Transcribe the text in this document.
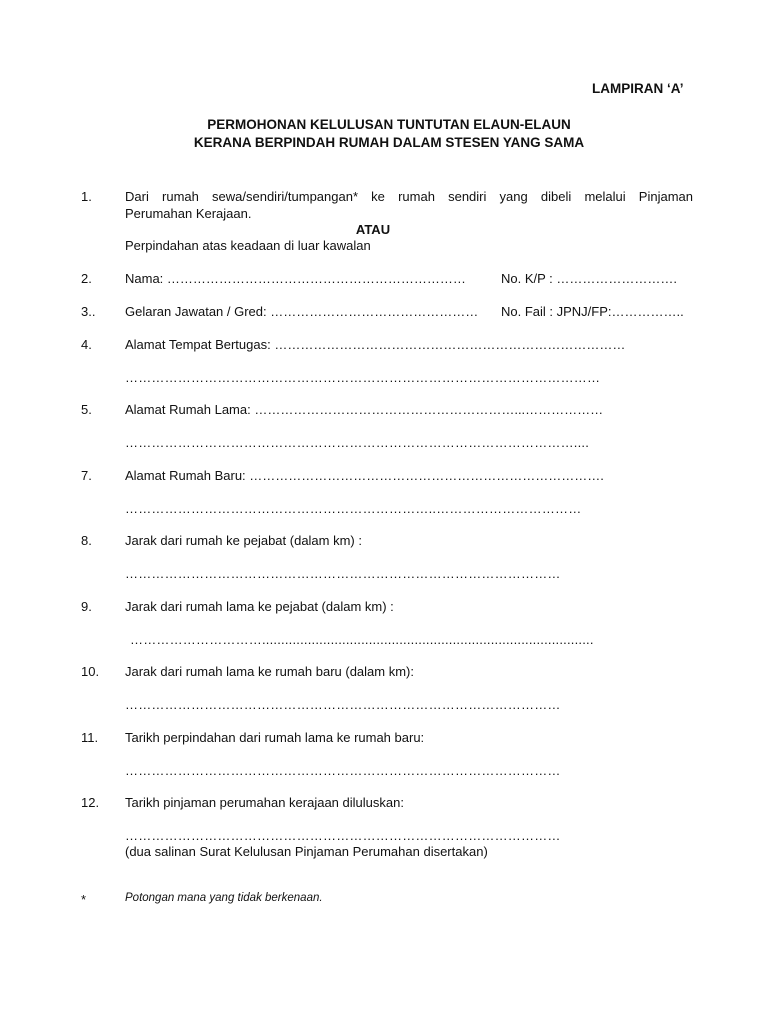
LAMPIRAN ‘A’
PERMOHONAN KELULUSAN TUNTUTAN ELAUN-ELAUN
KERANA BERPINDAH RUMAH DALAM STESEN YANG SAMA
1.	Dari rumah sewa/sendiri/tumpangan* ke rumah sendiri yang dibeli melalui Pinjaman
Perumahan Kerajaan.
ATAU
Perpindahan atas keadaan di luar kawalan
2.	Nama: ……………………………………………………………	No. K/P : ……………………….
3.. Gelaran Jawatan / Gred: ………………………………………… No. Fail : JPNJ/FP:……………..
4.	Alamat Tempat Bertugas: ………………………………………………………………………
………………………………………………………………………………………………
5.	Alamat Rumah Lama: ……………………………………………………...………………
…………………………………………………………………………………………....
7.	Alamat Rumah Baru: ……………………………………………………………………….
……………………………………………………………..……………………………
8.	Jarak dari rumah ke pejabat (dalam km) :
………………………………………………………………………………………
9.	Jarak dari rumah lama ke pejabat (dalam km) :
………………………….......................................................................................
10. Jarak dari rumah lama ke rumah baru (dalam km):
………………………………………………………………………………………
11. Tarikh perpindahan dari rumah lama ke rumah baru:
………………………………………………………………………………………
12. Tarikh pinjaman perumahan kerajaan diluluskan:
………………………………………………………………………………………
(dua salinan Surat Kelulusan Pinjaman Perumahan disertakan)
*	Potongan mana yang tidak berkenaan.
